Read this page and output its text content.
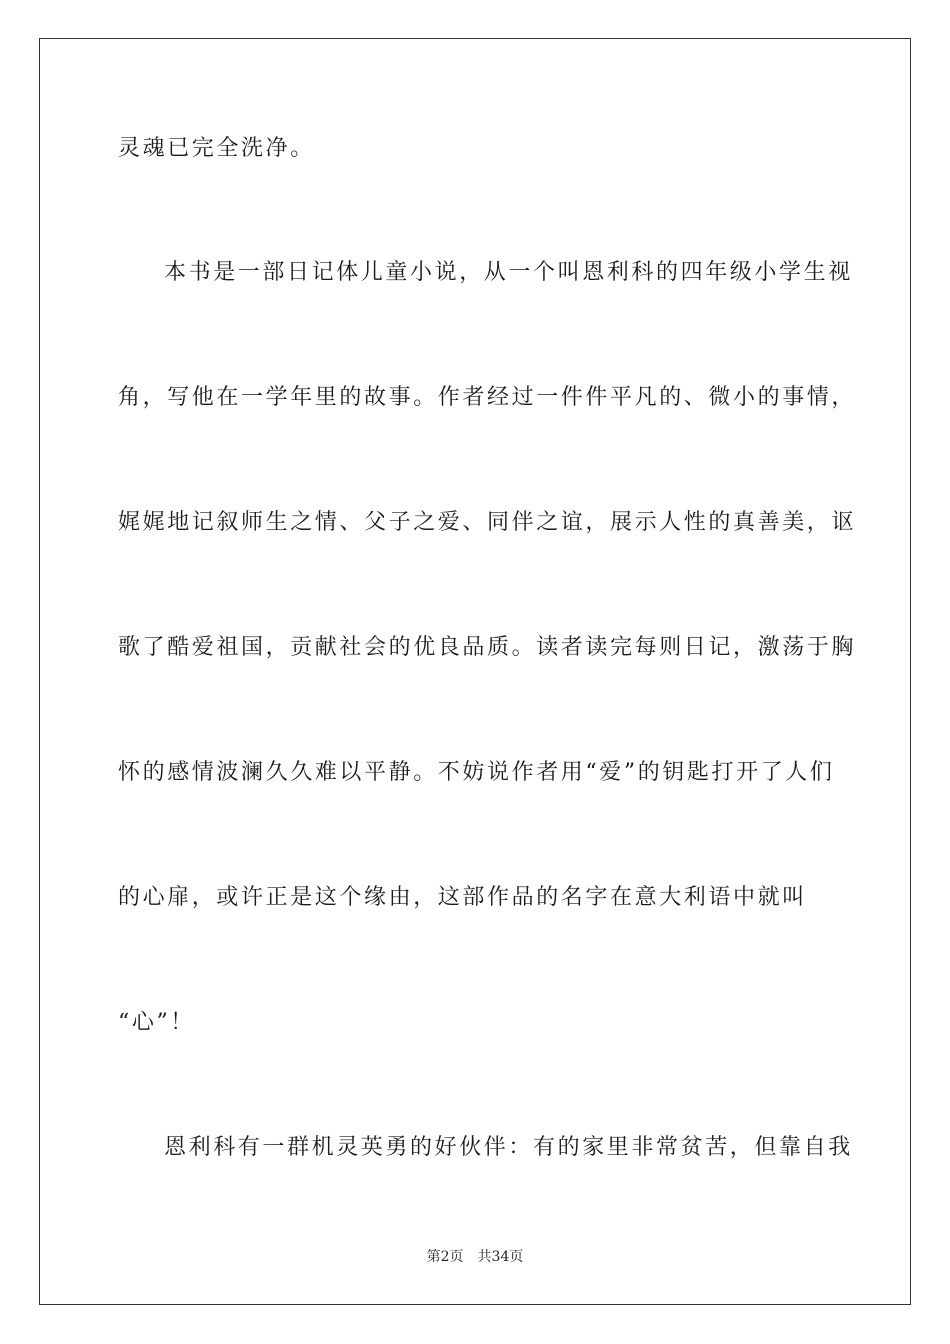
灵魂已完全洗净。
本书是一部日记体儿童小说，从一个叫恩利科的四年级小学生视
角，写他在一学年里的故事。作者经过一件件平凡的、微小的事情，
娓娓地记叙师生之情、父子之爱、同伴之谊，展示人性的真善美，讴
歌了酷爱祖国，贡献社会的优良品质。读者读完每则日记，激荡于胸
怀的感情波澜久久难以平静。不妨说作者用“爱”的钥匙打开了人们
的心扉，或许正是这个缘由，这部作品的名字在意大利语中就叫
“心”！
恩利科有一群机灵英勇的好伙伴：有的家里非常贫苦，但靠自我
第2页 共34页
